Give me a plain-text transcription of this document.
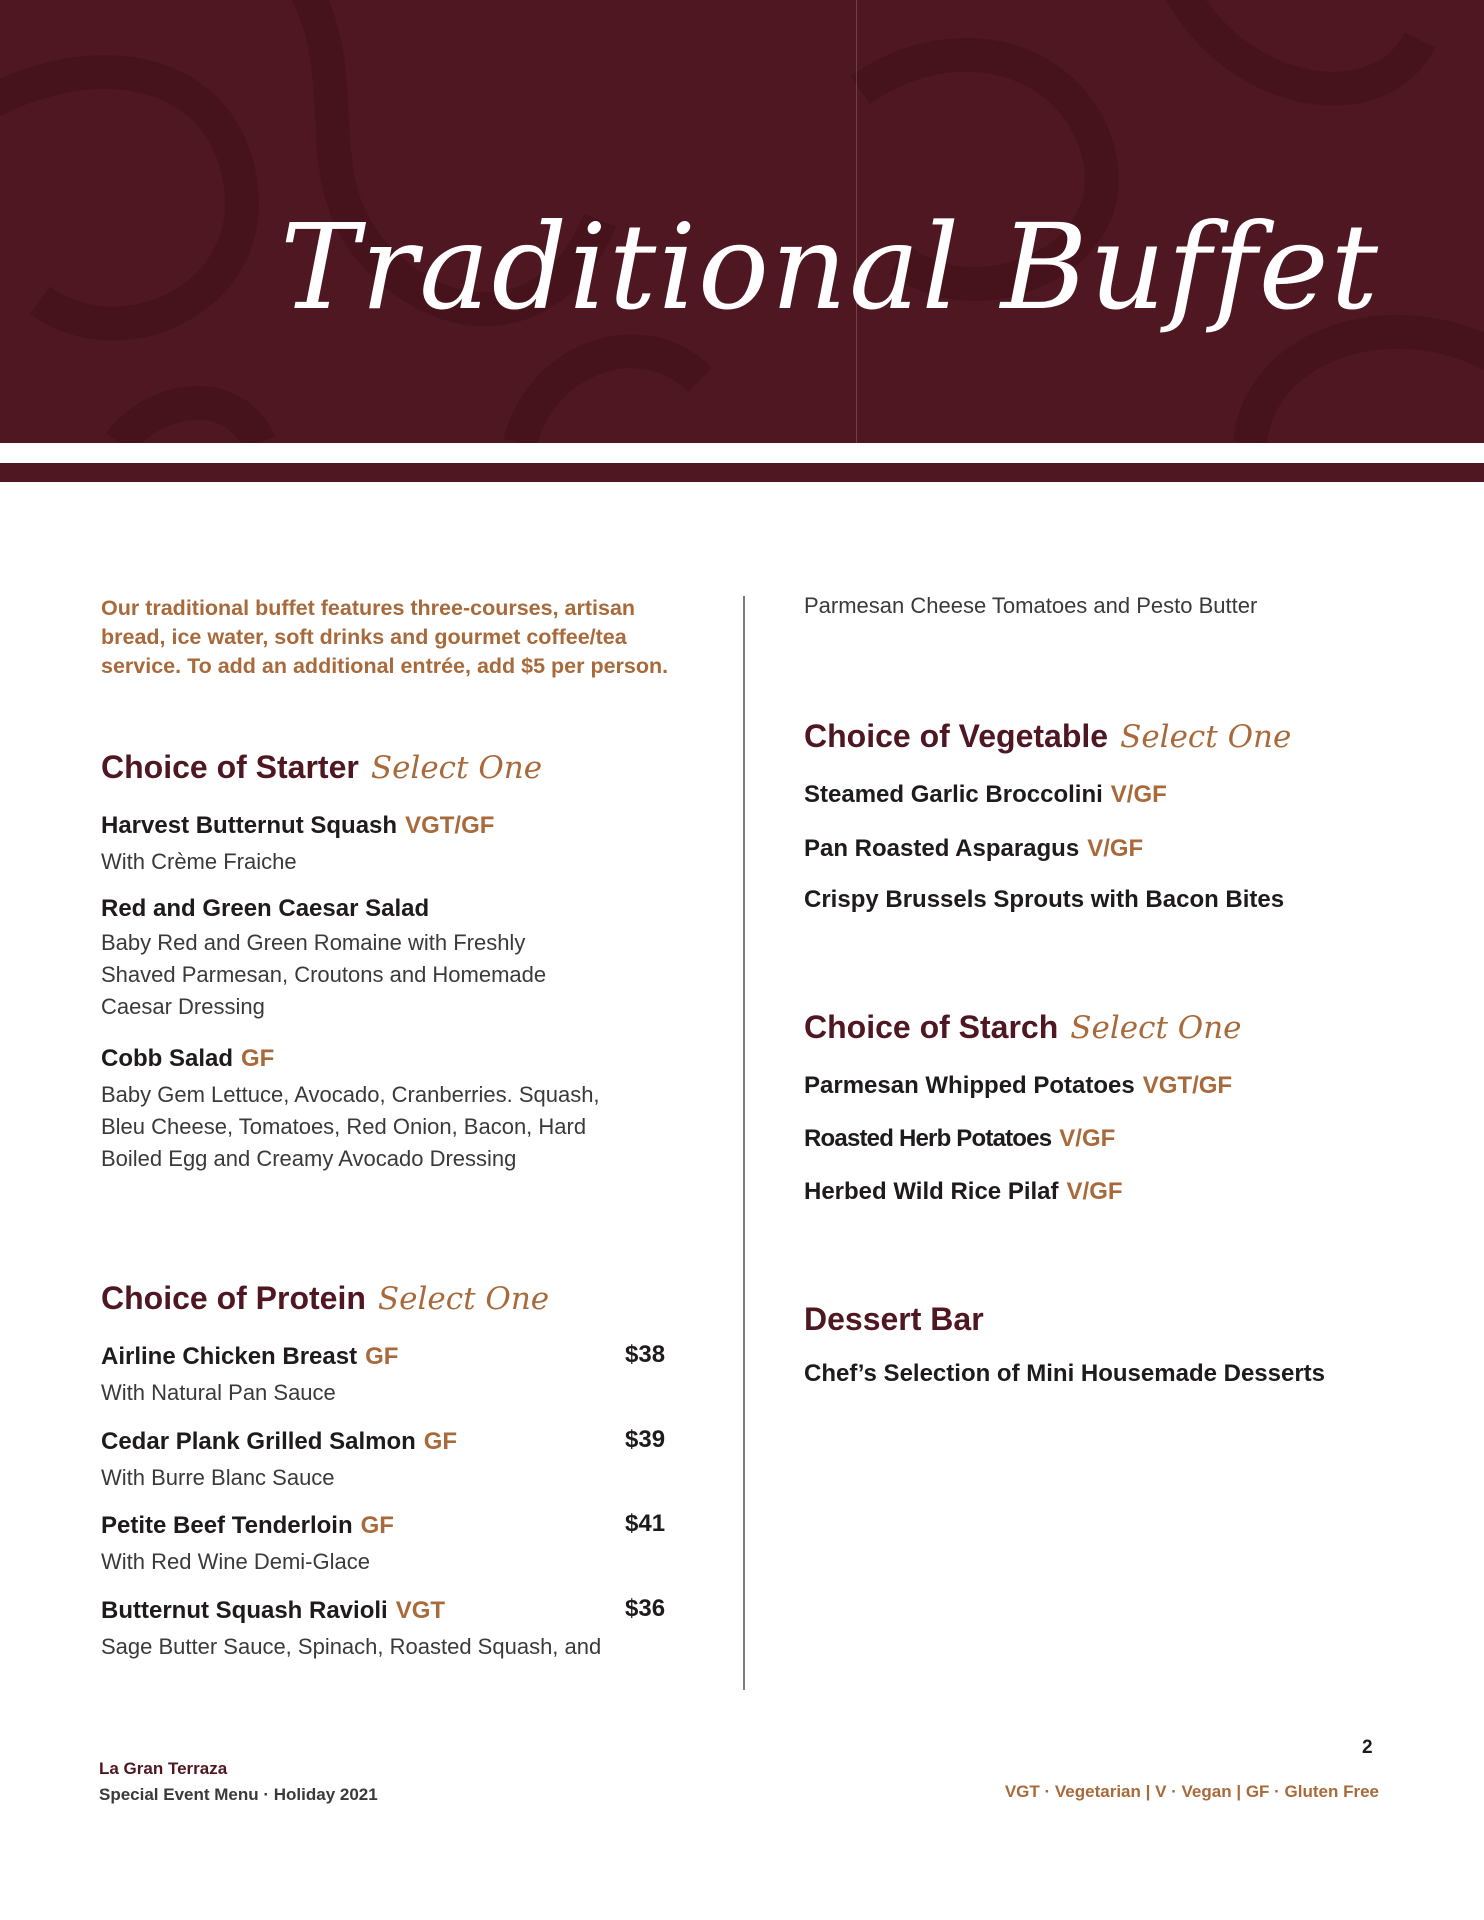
Traditional Buffet
Our traditional buffet features three-courses, artisan bread, ice water, soft drinks and gourmet coffee/tea service. To add an additional entrée, add $5 per person.
Choice of Starter Select One
Harvest Butternut Squash VGT/GF
With Crème Fraiche
Red and Green Caesar Salad
Baby Red and Green Romaine with Freshly Shaved Parmesan, Croutons and Homemade Caesar Dressing
Cobb Salad GF
Baby Gem Lettuce, Avocado, Cranberries. Squash, Bleu Cheese, Tomatoes, Red Onion, Bacon, Hard Boiled Egg and Creamy Avocado Dressing
Choice of Protein Select One
Airline Chicken Breast GF
With Natural Pan Sauce
$38
Cedar Plank Grilled Salmon GF
With Burre Blanc Sauce
$39
Petite Beef Tenderloin GF
With Red Wine Demi-Glace
$41
Butternut Squash Ravioli VGT
Sage Butter Sauce, Spinach, Roasted Squash, and
$36
Parmesan Cheese Tomatoes and Pesto Butter
Choice of Vegetable Select One
Steamed Garlic Broccolini V/GF
Pan Roasted Asparagus V/GF
Crispy Brussels Sprouts with Bacon Bites
Choice of Starch Select One
Parmesan Whipped Potatoes VGT/GF
Roasted Herb Potatoes V/GF
Herbed Wild Rice Pilaf V/GF
Dessert Bar
Chef’s Selection of Mini Housemade Desserts
2
La Gran Terraza
Special Event Menu · Holiday 2021	VGT · Vegetarian | V · Vegan | GF · Gluten Free
